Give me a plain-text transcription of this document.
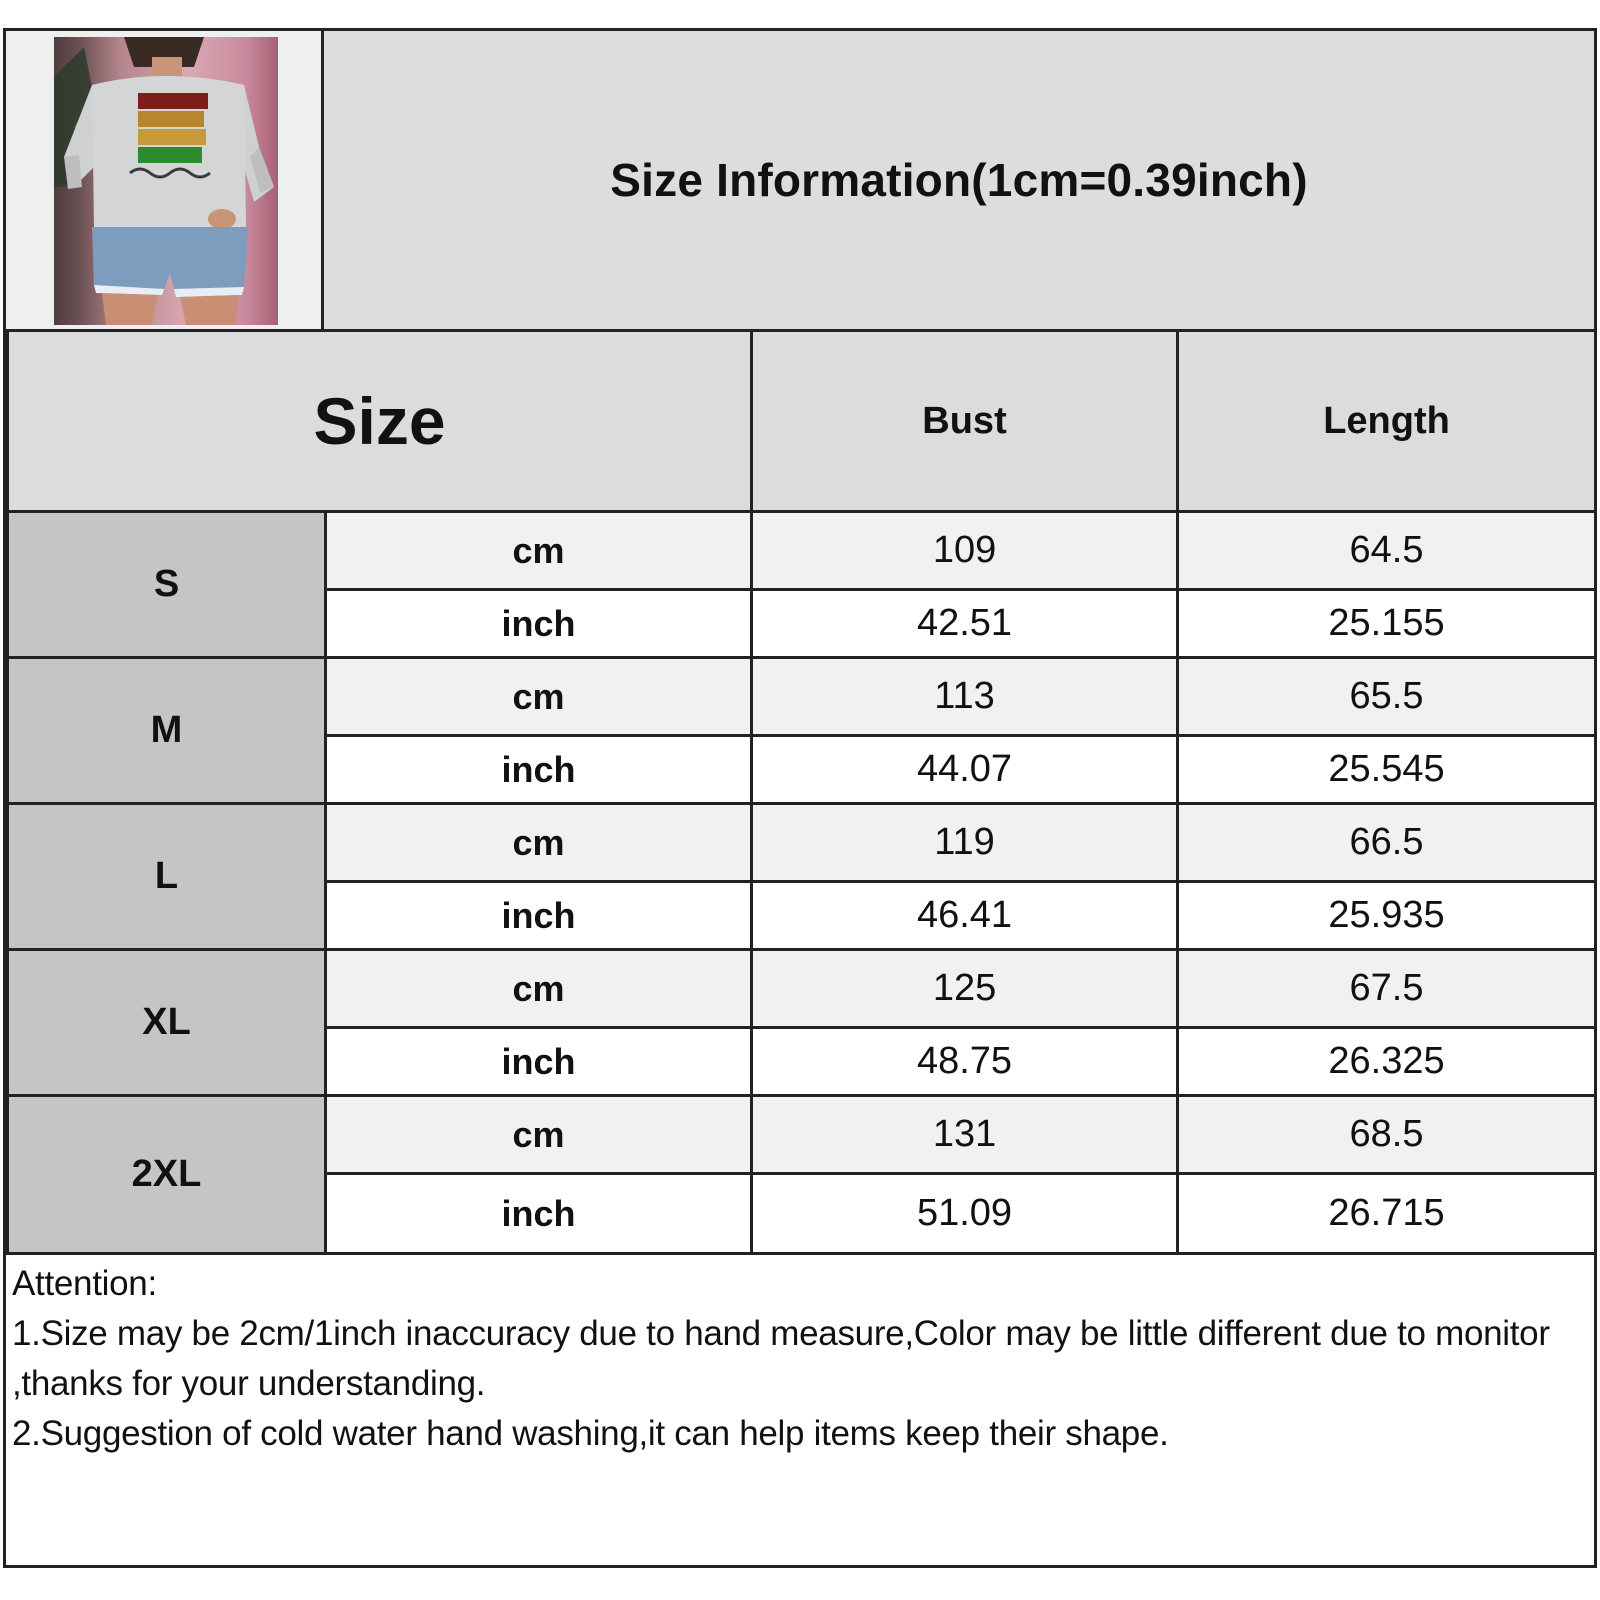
Size Information(1cm=0.39inch)
Size		Bust	Length
S	cm	109	64.5
	inch	42.51	25.155
M	cm	113	65.5
	inch	44.07	25.545
L	cm	119	66.5
	inch	46.41	25.935
XL	cm	125	67.5
	inch	48.75	26.325
2XL	cm	131	68.5
	inch	51.09	26.715

Attention:

1.Size may be 2cm/1inch inaccuracy due to hand measure,Color may be little different due to monitor ,thanks for your understanding.

2.Suggestion of cold water hand washing,it can help items keep their shape.
